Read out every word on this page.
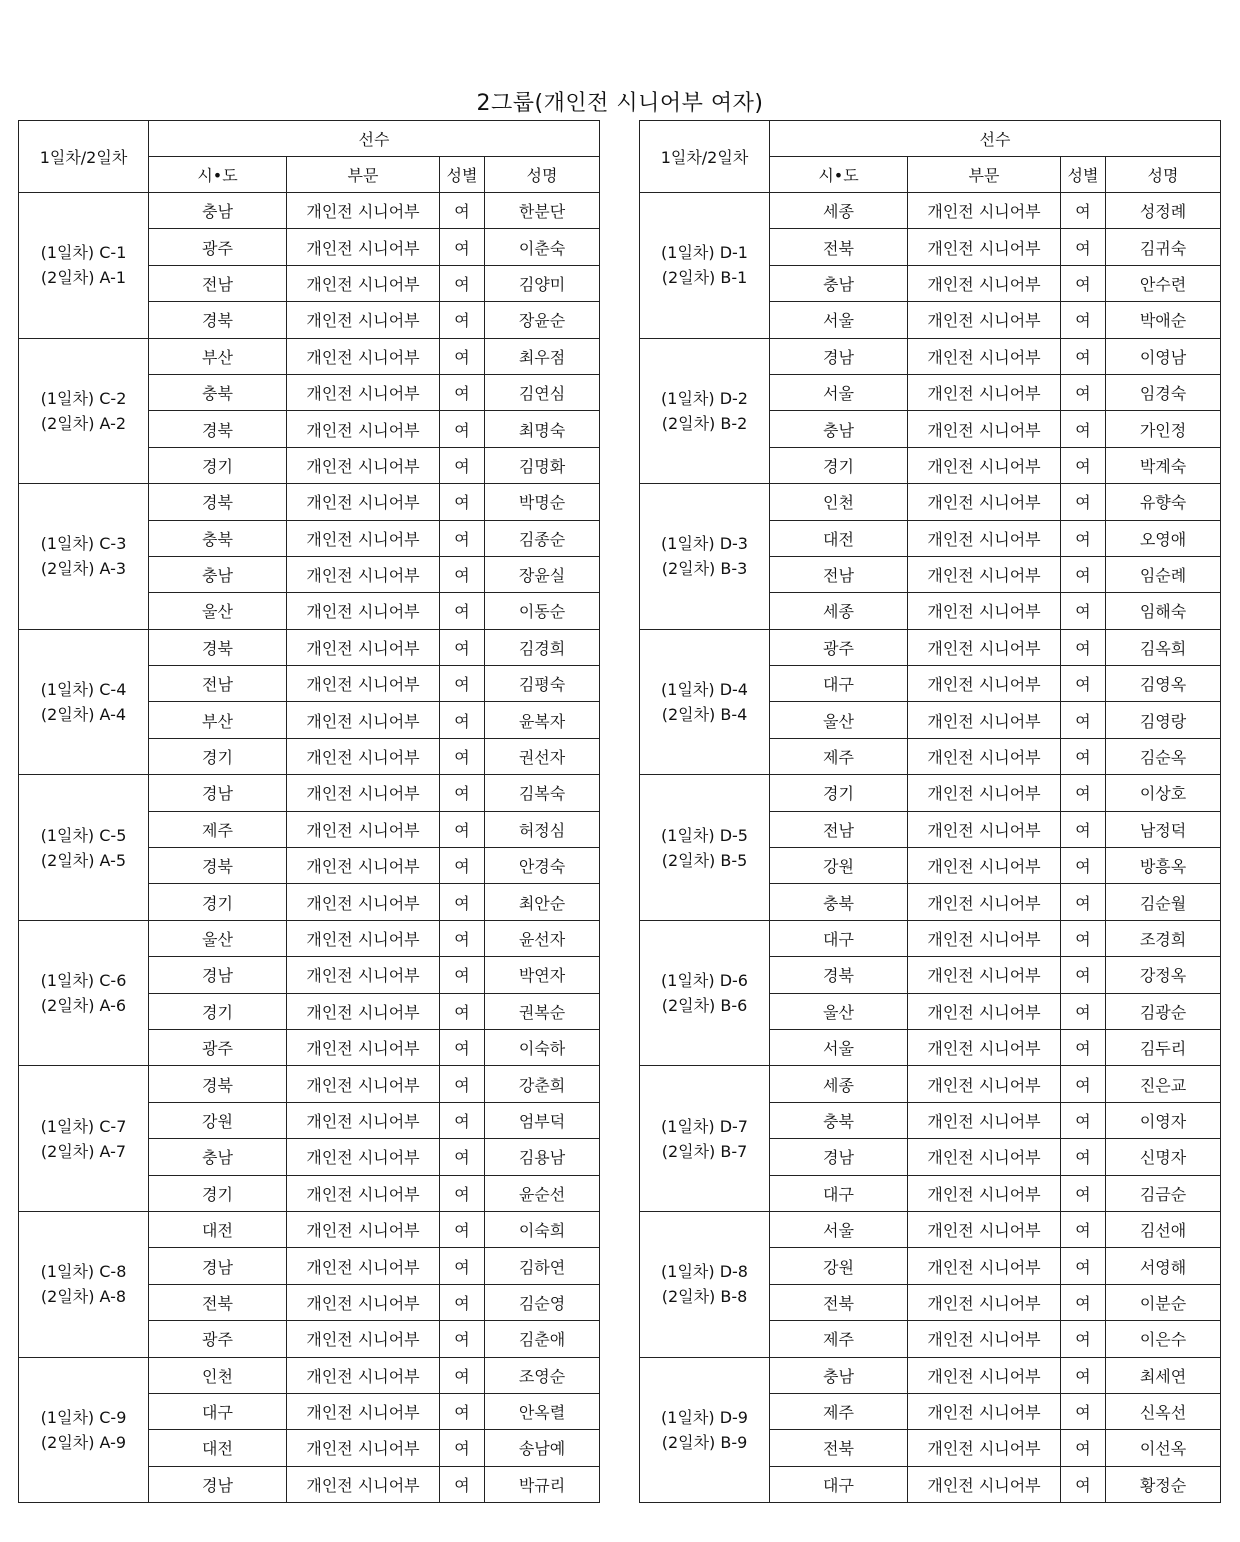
2그룹(개인전 시니어부 여자)
1일차/2일차	선수			
	시•도	부문	성별	성명

(1일차) C-1
(2일차) A-1	충남	개인전 시니어부	여	한분단
	광주	개인전 시니어부	여	이춘숙
	전남	개인전 시니어부	여	김양미
	경북	개인전 시니어부	여	장윤순

(1일차) C-2
(2일차) A-2	부산	개인전 시니어부	여	최우점
	충북	개인전 시니어부	여	김연심
	경북	개인전 시니어부	여	최명숙
	경기	개인전 시니어부	여	김명화

(1일차) C-3
(2일차) A-3	경북	개인전 시니어부	여	박명순
	충북	개인전 시니어부	여	김종순
	충남	개인전 시니어부	여	장윤실
	울산	개인전 시니어부	여	이동순

(1일차) C-4
(2일차) A-4	경북	개인전 시니어부	여	김경희
	전남	개인전 시니어부	여	김평숙
	부산	개인전 시니어부	여	윤복자
	경기	개인전 시니어부	여	권선자

(1일차) C-5
(2일차) A-5	경남	개인전 시니어부	여	김복숙
	제주	개인전 시니어부	여	허정심
	경북	개인전 시니어부	여	안경숙
	경기	개인전 시니어부	여	최안순

(1일차) C-6
(2일차) A-6	울산	개인전 시니어부	여	윤선자
	경남	개인전 시니어부	여	박연자
	경기	개인전 시니어부	여	권복순
	광주	개인전 시니어부	여	이숙하

(1일차) C-7
(2일차) A-7	경북	개인전 시니어부	여	강춘희
	강원	개인전 시니어부	여	엄부덕
	충남	개인전 시니어부	여	김용남
	경기	개인전 시니어부	여	윤순선

(1일차) C-8
(2일차) A-8	대전	개인전 시니어부	여	이숙희
	경남	개인전 시니어부	여	김하연
	전북	개인전 시니어부	여	김순영
	광주	개인전 시니어부	여	김춘애

(1일차) C-9
(2일차) A-9	인천	개인전 시니어부	여	조영순
	대구	개인전 시니어부	여	안옥렬
	대전	개인전 시니어부	여	송남예
	경남	개인전 시니어부	여	박규리
1일차/2일차	선수			
	시•도	부문	성별	성명

(1일차) D-1
(2일차) B-1	세종	개인전 시니어부	여	성정례
	전북	개인전 시니어부	여	김귀숙
	충남	개인전 시니어부	여	안수련
	서울	개인전 시니어부	여	박애순

(1일차) D-2
(2일차) B-2	경남	개인전 시니어부	여	이영남
	서울	개인전 시니어부	여	임경숙
	충남	개인전 시니어부	여	가인정
	경기	개인전 시니어부	여	박계숙

(1일차) D-3
(2일차) B-3	인천	개인전 시니어부	여	유향숙
	대전	개인전 시니어부	여	오영애
	전남	개인전 시니어부	여	임순례
	세종	개인전 시니어부	여	임해숙

(1일차) D-4
(2일차) B-4	광주	개인전 시니어부	여	김옥희
	대구	개인전 시니어부	여	김영옥
	울산	개인전 시니어부	여	김영랑
	제주	개인전 시니어부	여	김순옥

(1일차) D-5
(2일차) B-5	경기	개인전 시니어부	여	이상호
	전남	개인전 시니어부	여	남정덕
	강원	개인전 시니어부	여	방흥옥
	충북	개인전 시니어부	여	김순월

(1일차) D-6
(2일차) B-6	대구	개인전 시니어부	여	조경희
	경북	개인전 시니어부	여	강정옥
	울산	개인전 시니어부	여	김광순
	서울	개인전 시니어부	여	김두리

(1일차) D-7
(2일차) B-7	세종	개인전 시니어부	여	진은교
	충북	개인전 시니어부	여	이영자
	경남	개인전 시니어부	여	신명자
	대구	개인전 시니어부	여	김금순

(1일차) D-8
(2일차) B-8	서울	개인전 시니어부	여	김선애
	강원	개인전 시니어부	여	서영해
	전북	개인전 시니어부	여	이분순
	제주	개인전 시니어부	여	이은수

(1일차) D-9
(2일차) B-9	충남	개인전 시니어부	여	최세연
	제주	개인전 시니어부	여	신옥선
	전북	개인전 시니어부	여	이선옥
	대구	개인전 시니어부	여	황정순
